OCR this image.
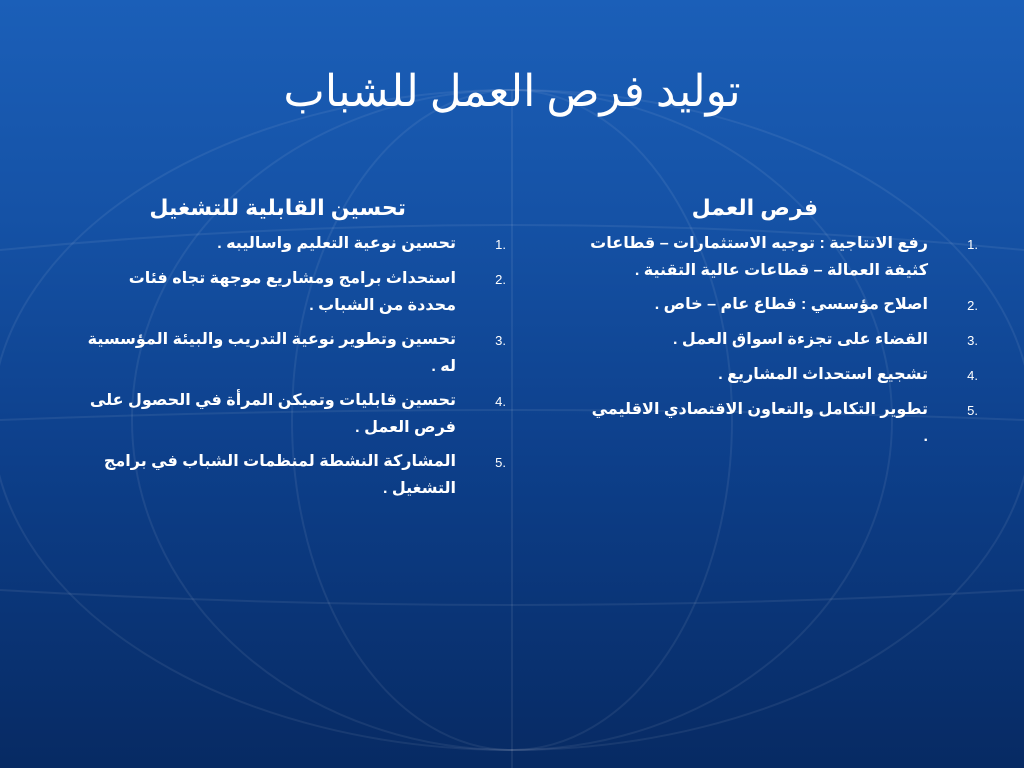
توليد فرص العمل للشباب
فرص العمل
1.
رفع الانتاجية : توجيه الاستثمارات – قطاعات كثيفة العمالة – قطاعات عالية التقنية .
2.
اصلاح مؤسسي : قطاع عام – خاص .
3.
القضاء على تجزءة اسواق العمل .
4.
تشجيع استحداث المشاريع .
5.
تطوير التكامل والتعاون الاقتصادي الاقليمي .
تحسين القابلية للتشغيل
1.
تحسين نوعية التعليم واساليبه .
2.
استحداث برامج ومشاريع موجهة تجاه فئات محددة من الشباب .
3.
تحسين وتطوير نوعية التدريب والبيئة المؤسسية له .
4.
تحسين قابليات وتميكن المرأة في الحصول على فرص العمل .
5.
المشاركة النشطة لمنظمات الشباب في برامج التشغيل .
